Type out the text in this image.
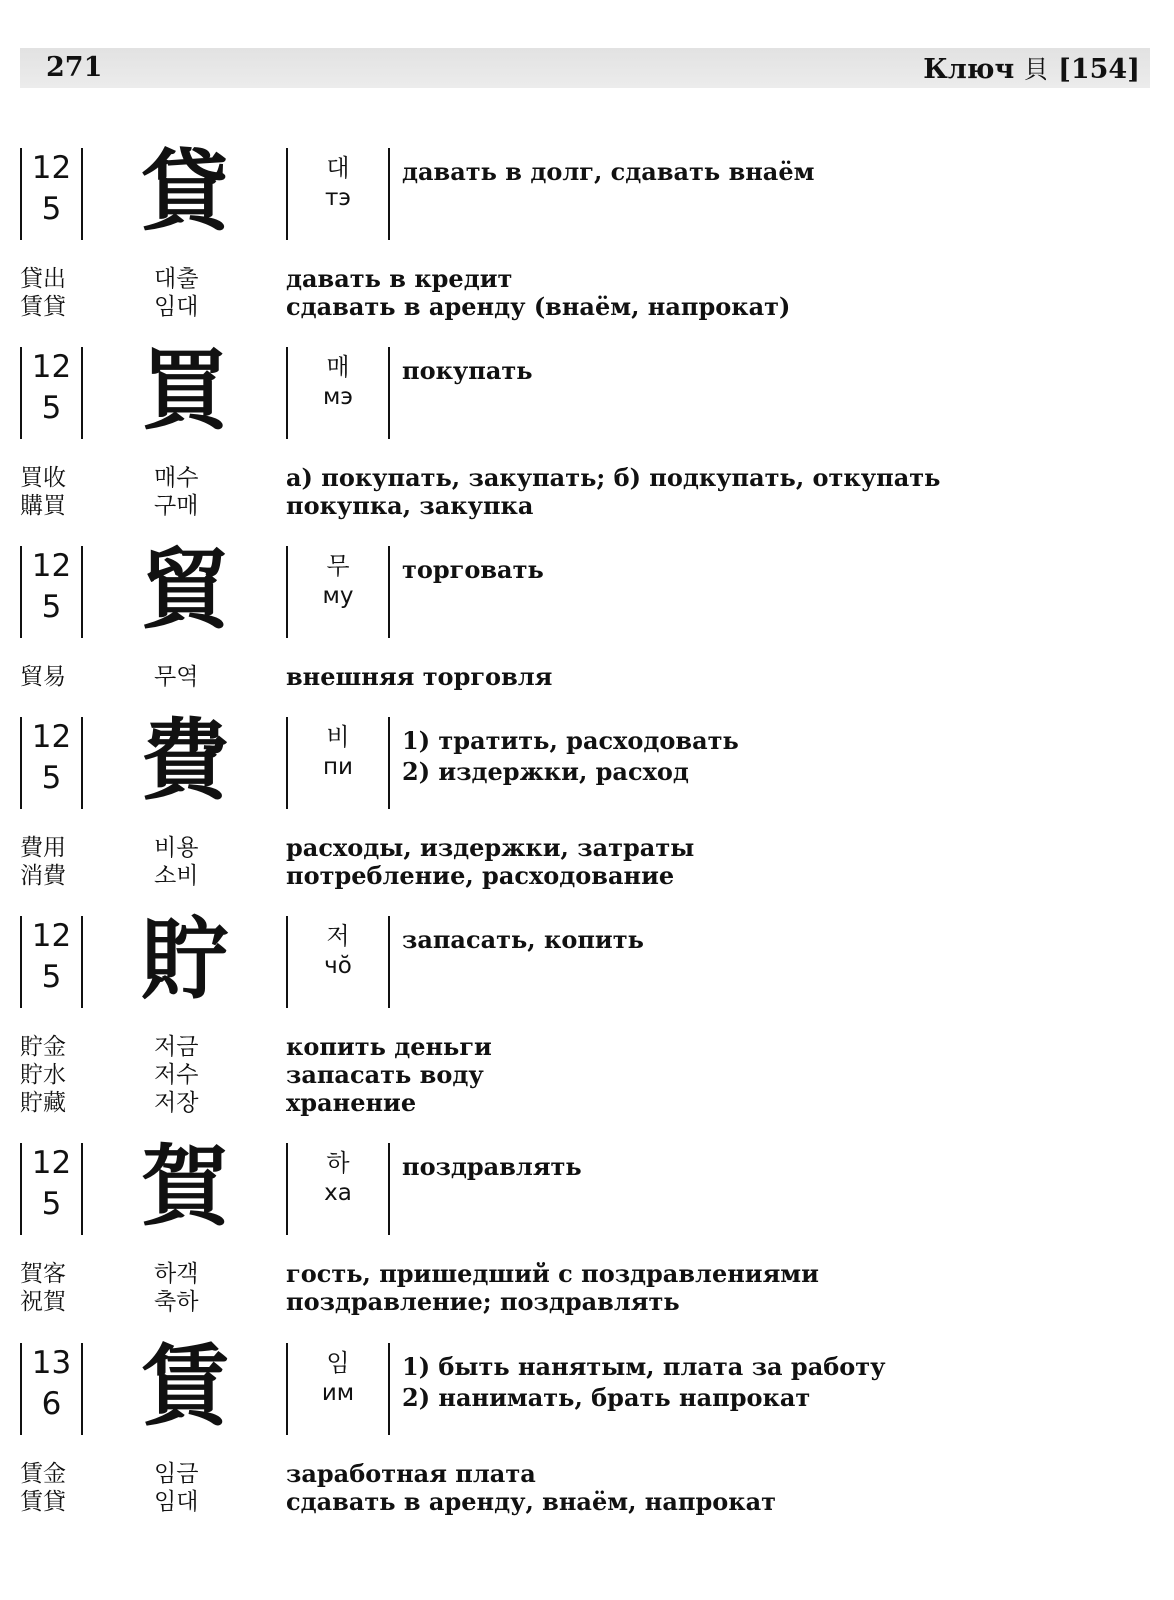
271	Ключ 貝 [154]
12
5 貸	대
тэ
давать в долг, сдавать внаём
貸出	대출	давать в кредит
賃貸	임대	сдавать в аренду (внаём, напрокат)
12
5 買	매
мэ
покупать
買收	매수	а) покупать, закупать; б) подкупать, откупать
購買	구매	покупка, закупка
12
5 貿	무
му
торговать
貿易	무역	внешняя торговля
12
5 費	비
пи
1) тратить, расходовать
2) издержки, расход
費用	비용	расходы, издержки, затраты
消費	소비	потребление, расходование
12
5 貯	저
чŏ
запасать, копить
貯金	저금	копить деньги
貯水	저수	запасать воду
貯藏	저장	хранение
12
5 賀	하
ха
поздравлять
賀客	하객	гость, пришедший с поздравлениями
祝賀	축하	поздравление; поздравлять
13
6 賃	임
им
1) быть нанятым, плата за работу
2) нанимать, брать напрокат
賃金	임금	заработная плата
賃貸	임대	сдавать в аренду, внаём, напрокат
